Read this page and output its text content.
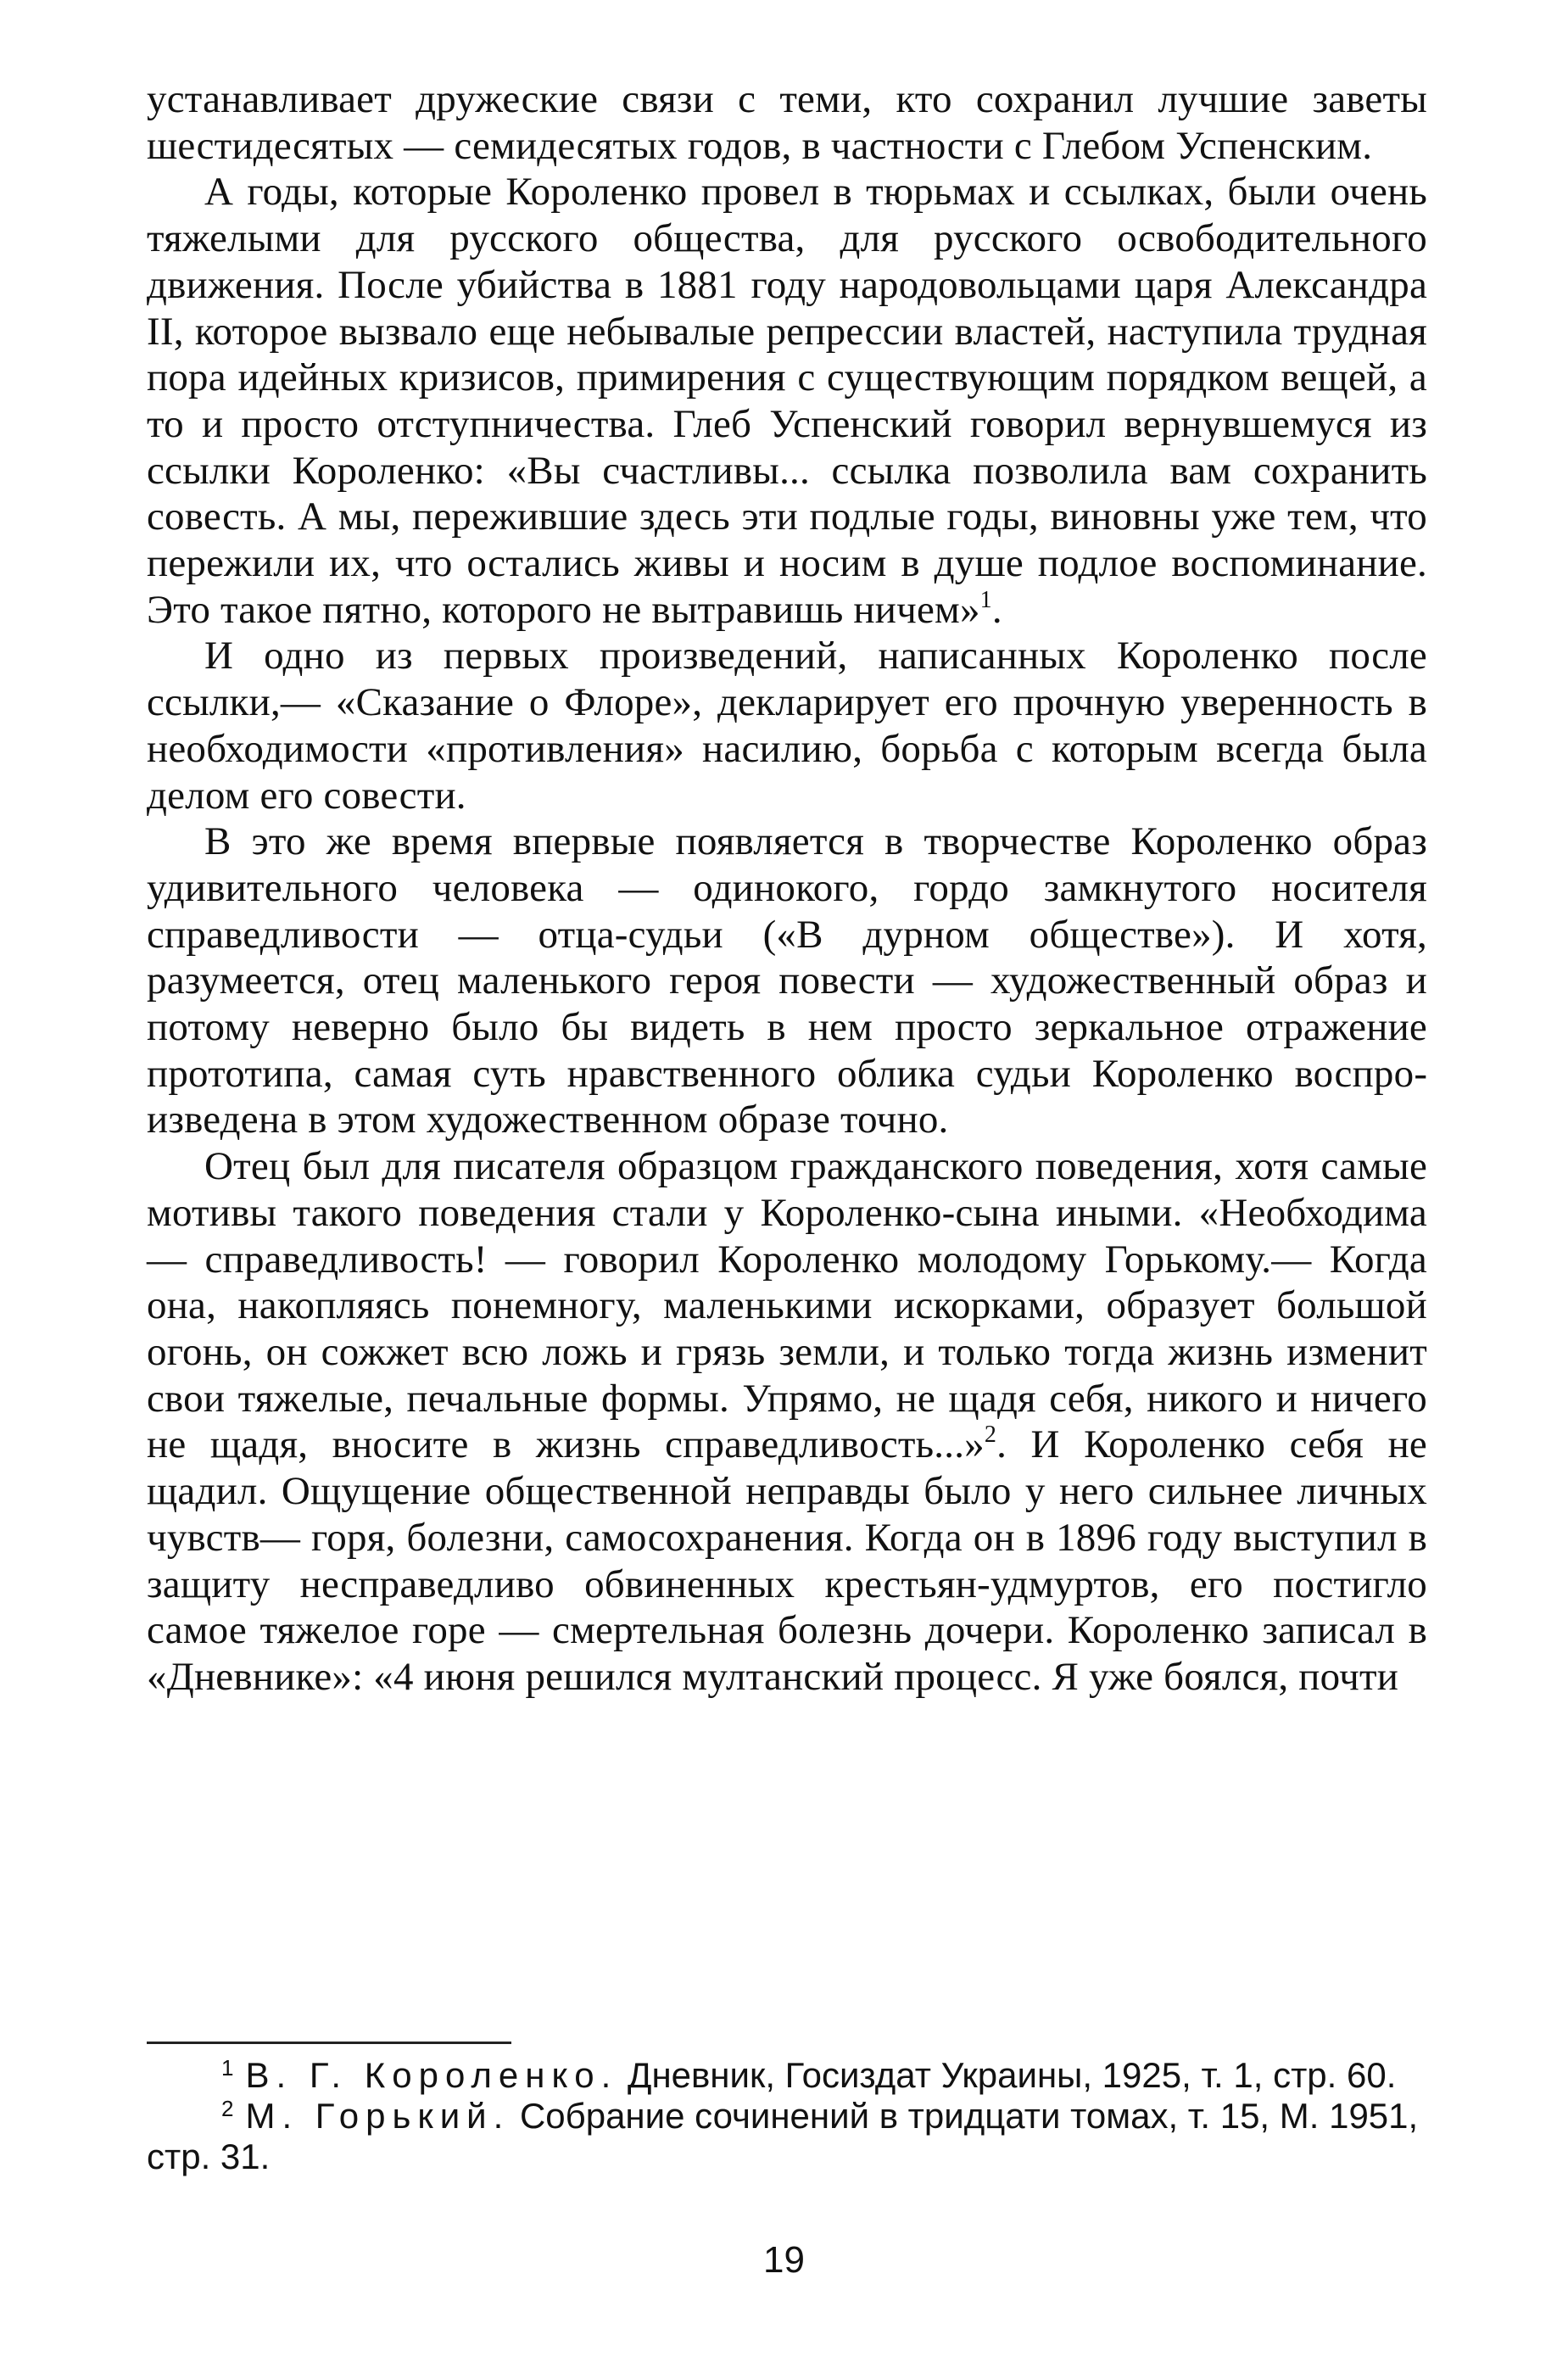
устанавливает дружеские связи с теми, кто сохранил лучшие заветы шестидесятых — семидесятых годов, в частности с Глебом Успенским.

А годы, которые Короленко провел в тюрьмах и ссылках, были очень тяжелыми для русского общества, для русского освободительного движения. После убийства в 1881 году народовольцами царя Александра II, которое вызвало еще небывалые репрессии властей, наступила трудная пора идейных кризисов, примирения с существующим порядком вещей, а то и просто отступничества. Глеб Успенский говорил вернувшемуся из ссылки Короленко: «Вы счастливы... ссылка позволила вам сохранить совесть. А мы, пережившие здесь эти подлые годы, виновны уже тем, что пережили их, что остались живы и носим в душе подлое воспоминание. Это такое пятно, которого не вытравишь ничем»$^1$.

И одно из первых произведений, написанных Короленко после ссылки,— «Сказание о Флоре», декларирует его прочную уверенность в необходимости «противления» насилию, борьба с которым всегда была делом его совести.

В это же время впервые появляется в творчестве Короленко образ удивительного человека — одинокого, гордо замкнутого носителя справедливости — отца-судьи («В дурном обществе»). И хотя, разумеется, отец маленького героя повести — художественный образ и потому неверно было бы видеть в нем просто зеркальное отражение прототипа, самая суть нравственного облика судьи Короленко воспроизведена в этом художественном образе точно.

Отец был для писателя образцом гражданского поведения, хотя самые мотивы такого поведения стали у Короленко-сына иными. «Необходима — справедливость! — говорил Короленко молодому Горькому.— Когда она, накопляясь понемногу, маленькими искорками, образует большой огонь, он сожжет всю ложь и грязь земли, и только тогда жизнь изменит свои тяжелые, печальные формы. Упрямо, не щадя себя, никого и ничего не щадя, вносите в жизнь справедливость...»$^2$. И Короленко себя не щадил. Ощущение общественной неправды было у него сильнее личных чувств— горя, болезни, самосохранения. Когда он в 1896 году выступил в защиту несправедливо обвиненных крестьян-удмуртов, его постигло самое тяжелое горе — смертельная болезнь дочери. Короленко записал в «Дневнике»: «4 июня решился мултанский процесс. Я уже боялся, почти

$^1$ В. Г. Короленко. Дневник, Госиздат Украины, 1925, т. 1, стр. 60.

$^2$ М. Горький. Собрание сочинений в тридцати томах, т. 15, М. 1951, стр. 31.

19
